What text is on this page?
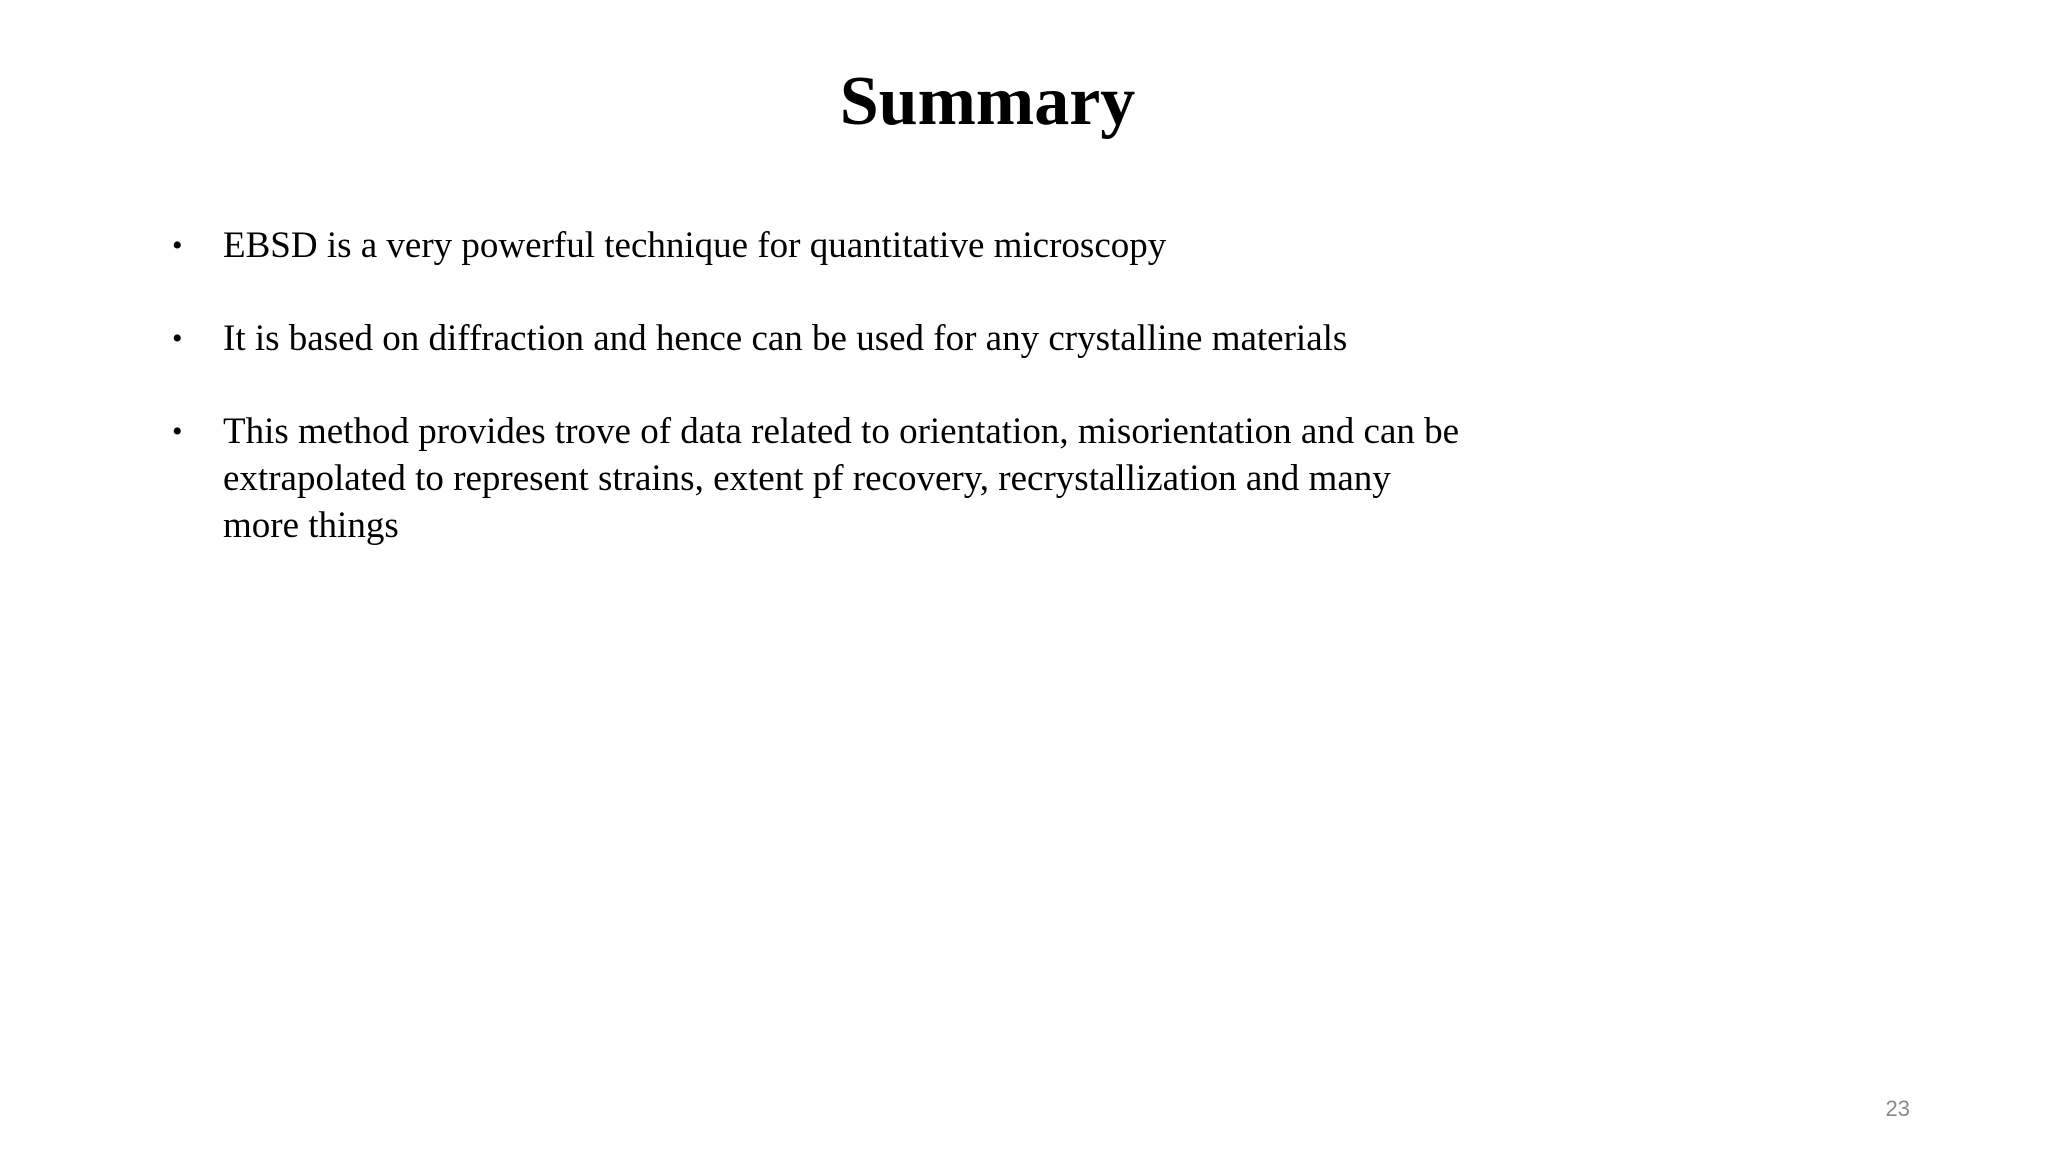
Summary
• EBSD is a very powerful technique for quantitative microscopy
• It is based on diffraction and hence can be used for any crystalline materials
• This method provides trove of data related to orientation, misorientation and can be extrapolated to represent strains, extent pf recovery, recrystallization and many more things
23
